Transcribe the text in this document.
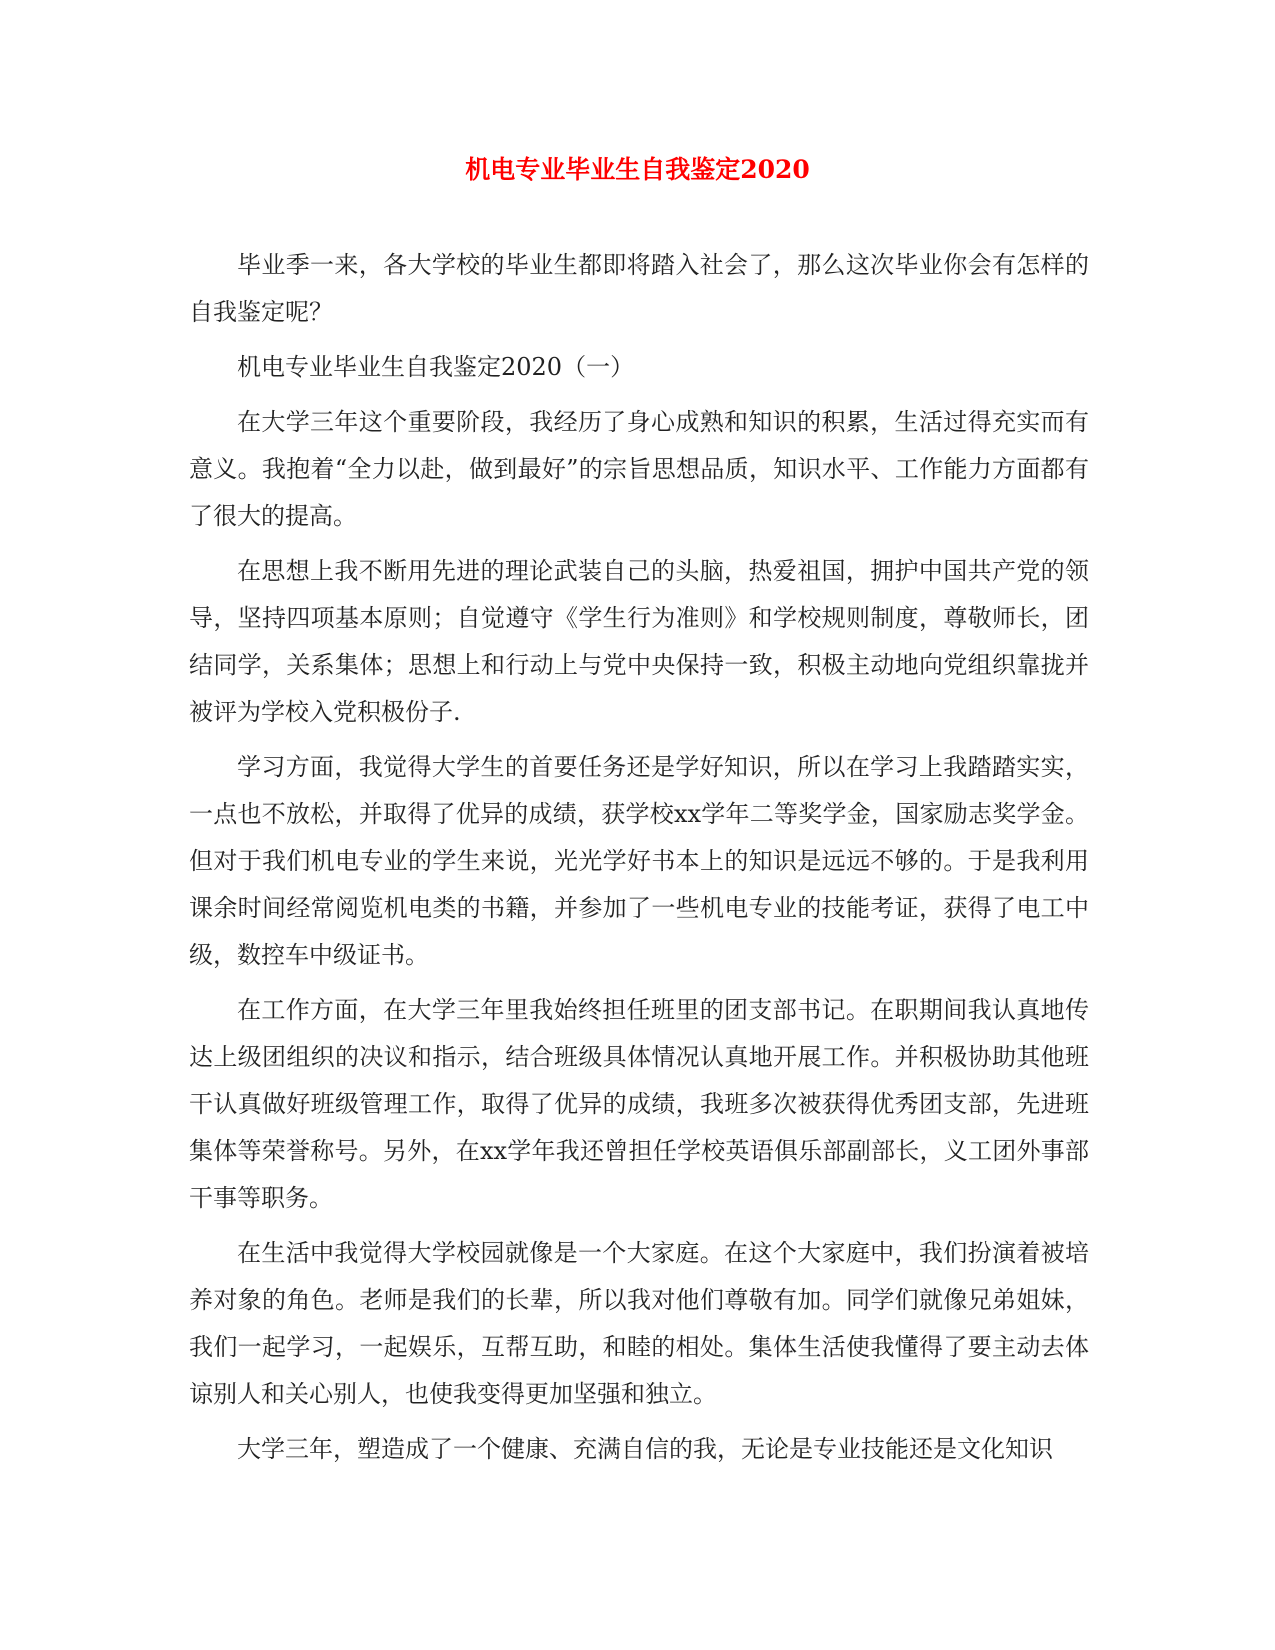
机电专业毕业生自我鉴定2020

毕业季一来，各大学校的毕业生都即将踏入社会了，那么这次毕业你会有怎样的自我鉴定呢？

机电专业毕业生自我鉴定2020（一）

在大学三年这个重要阶段，我经历了身心成熟和知识的积累，生活过得充实而有意义。我抱着“全力以赴，做到最好”的宗旨思想品质，知识水平、工作能力方面都有了很大的提高。

在思想上我不断用先进的理论武装自己的头脑，热爱祖国，拥护中国共产党的领导，坚持四项基本原则；自觉遵守《学生行为准则》和学校规则制度，尊敬师长，团结同学，关系集体；思想上和行动上与党中央保持一致，积极主动地向党组织靠拢并被评为学校入党积极份子.

学习方面，我觉得大学生的首要任务还是学好知识，所以在学习上我踏踏实实，一点也不放松，并取得了优异的成绩，获学校xx学年二等奖学金，国家励志奖学金。但对于我们机电专业的学生来说，光光学好书本上的知识是远远不够的。于是我利用课余时间经常阅览机电类的书籍，并参加了一些机电专业的技能考证，获得了电工中级，数控车中级证书。

在工作方面，在大学三年里我始终担任班里的团支部书记。在职期间我认真地传达上级团组织的决议和指示，结合班级具体情况认真地开展工作。并积极协助其他班干认真做好班级管理工作，取得了优异的成绩，我班多次被获得优秀团支部，先进班集体等荣誉称号。另外，在xx学年我还曾担任学校英语俱乐部副部长，义工团外事部干事等职务。

在生活中我觉得大学校园就像是一个大家庭。在这个大家庭中，我们扮演着被培养对象的角色。老师是我们的长辈，所以我对他们尊敬有加。同学们就像兄弟姐妹，我们一起学习，一起娱乐，互帮互助，和睦的相处。集体生活使我懂得了要主动去体谅别人和关心别人，也使我变得更加坚强和独立。

大学三年，塑造成了一个健康、充满自信的我，无论是专业技能还是文化知识
